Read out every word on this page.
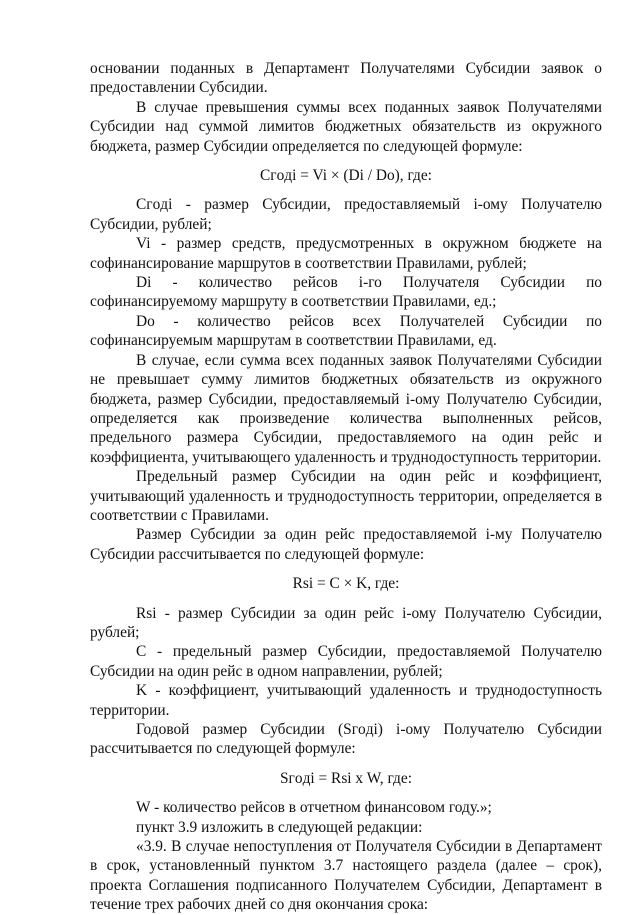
основании поданных в Департамент Получателями Субсидии заявок о предоставлении Субсидии.

В случае превышения суммы всех поданных заявок Получателями Субсидии над суммой лимитов бюджетных обязательств из окружного бюджета, размер Субсидии определяется по следующей формуле:

Cгoдi = Vi × (Di / Do), где:

Cгoдi - размер Субсидии, предоставляемый i-ому Получателю Субсидии, рублей;

Vi - размер средств, предусмотренных в окружном бюджете на софинансирование маршрутов в соответствии Правилами, рублей;

Di - количество рейсов i-го Получателя Субсидии по софинансируемому маршруту в соответствии Правилами, ед.;

Do - количество рейсов всех Получателей Субсидии по софинансируемым маршрутам в соответствии Правилами, ед.

В случае, если сумма всех поданных заявок Получателями Субсидии не превышает сумму лимитов бюджетных обязательств из окружного бюджета, размер Субсидии, предоставляемый i-ому Получателю Субсидии, определяется как произведение количества выполненных рейсов, предельного размера Субсидии, предоставляемого на один рейс и коэффициента, учитывающего удаленность и труднодоступность территории.

Предельный размер Субсидии на один рейс и коэффициент, учитывающий удаленность и труднодоступность территории, определяется в соответствии с Правилами.

Размер Субсидии за один рейс предоставляемой i-му Получателю Субсидии рассчитывается по следующей формуле:

Rsi = C × K, где:

Rsi - размер Субсидии за один рейс i-ому Получателю Субсидии, рублей;

C - предельный размер Субсидии, предоставляемой Получателю Субсидии на один рейс в одном направлении, рублей;

K - коэффициент, учитывающий удаленность и труднодоступность территории.

Годовой размер Субсидии (Sгoдi) i-ому Получателю Субсидии рассчитывается по следующей формуле:

Sгoдi = Rsi x W, где:

W - количество рейсов в отчетном финансовом году.»;

пункт 3.9 изложить в следующей редакции:

«3.9. В случае непоступления от Получателя Субсидии в Департамент в срок, установленный пунктом 3.7 настоящего раздела (далее – срок), проекта Соглашения подписанного Получателем Субсидии, Департамент в течение трех рабочих дней со дня окончания срока:
